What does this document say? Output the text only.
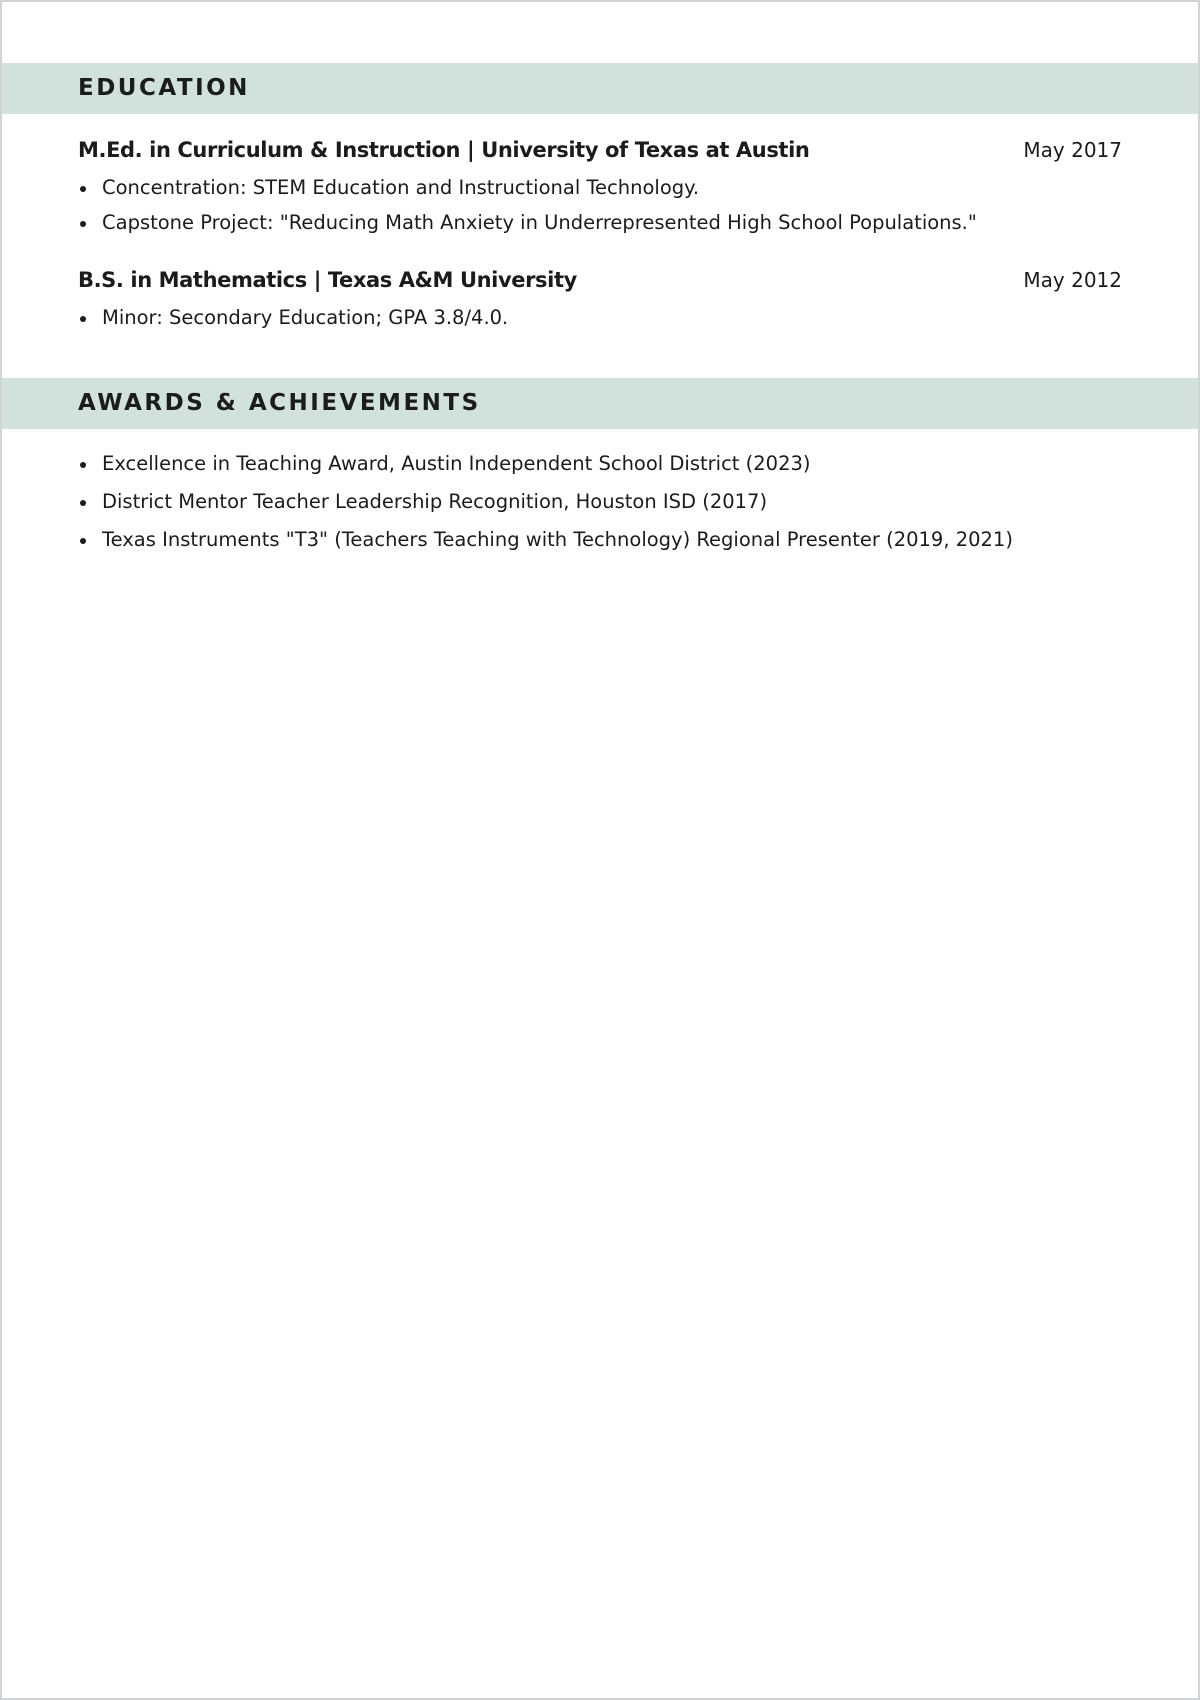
EDUCATION
M.Ed. in Curriculum & Instruction | University of Texas at Austin	May 2017
Concentration: STEM Education and Instructional Technology.
Capstone Project: "Reducing Math Anxiety in Underrepresented High School Populations."
B.S. in Mathematics | Texas A&M University	May 2012
Minor: Secondary Education; GPA 3.8/4.0.
AWARDS & ACHIEVEMENTS
Excellence in Teaching Award, Austin Independent School District (2023)
District Mentor Teacher Leadership Recognition, Houston ISD (2017)
Texas Instruments "T3" (Teachers Teaching with Technology) Regional Presenter (2019, 2021)
